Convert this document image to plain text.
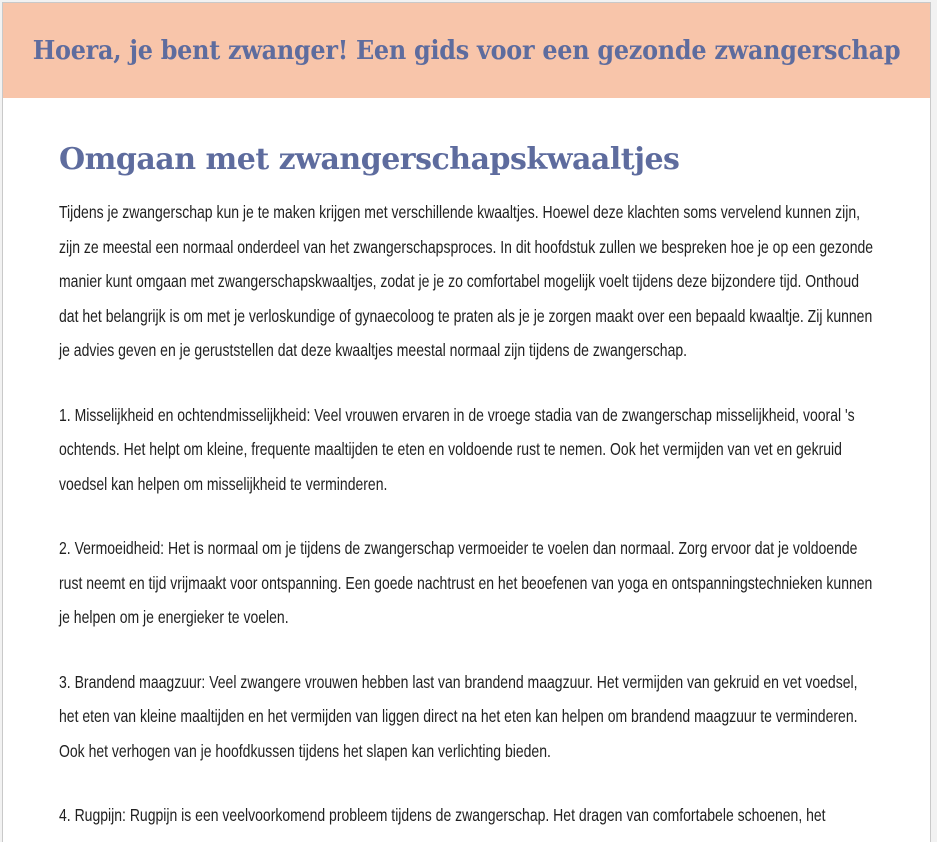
Hoera, je bent zwanger! Een gids voor een gezonde zwangerschap
Omgaan met zwangerschapskwaaltjes

Tijdens je zwangerschap kun je te maken krijgen met verschillende kwaaltjes. Hoewel deze klachten soms vervelend kunnen zijn, zijn ze meestal een normaal onderdeel van het zwangerschapsproces. In dit hoofdstuk zullen we bespreken hoe je op een gezonde manier kunt omgaan met zwangerschapskwaaltjes, zodat je je zo comfortabel mogelijk voelt tijdens deze bijzondere tijd. Onthoud dat het belangrijk is om met je verloskundige of gynaecoloog te praten als je je zorgen maakt over een bepaald kwaaltje. Zij kunnen je advies geven en je geruststellen dat deze kwaaltjes meestal normaal zijn tijdens de zwangerschap.

1. Misselijkheid en ochtendmisselijkheid: Veel vrouwen ervaren in de vroege stadia van de zwangerschap misselijkheid, vooral 's ochtends. Het helpt om kleine, frequente maaltijden te eten en voldoende rust te nemen. Ook het vermijden van vet en gekruid voedsel kan helpen om misselijkheid te verminderen.

2. Vermoeidheid: Het is normaal om je tijdens de zwangerschap vermoeider te voelen dan normaal. Zorg ervoor dat je voldoende rust neemt en tijd vrijmaakt voor ontspanning. Een goede nachtrust en het beoefenen van yoga en ontspanningstechnieken kunnen je helpen om je energieker te voelen.

3. Brandend maagzuur: Veel zwangere vrouwen hebben last van brandend maagzuur. Het vermijden van gekruid en vet voedsel, het eten van kleine maaltijden en het vermijden van liggen direct na het eten kan helpen om brandend maagzuur te verminderen. Ook het verhogen van je hoofdkussen tijdens het slapen kan verlichting bieden.

4. Rugpijn: Rugpijn is een veelvoorkomend probleem tijdens de zwangerschap. Het dragen van comfortabele schoenen, het
